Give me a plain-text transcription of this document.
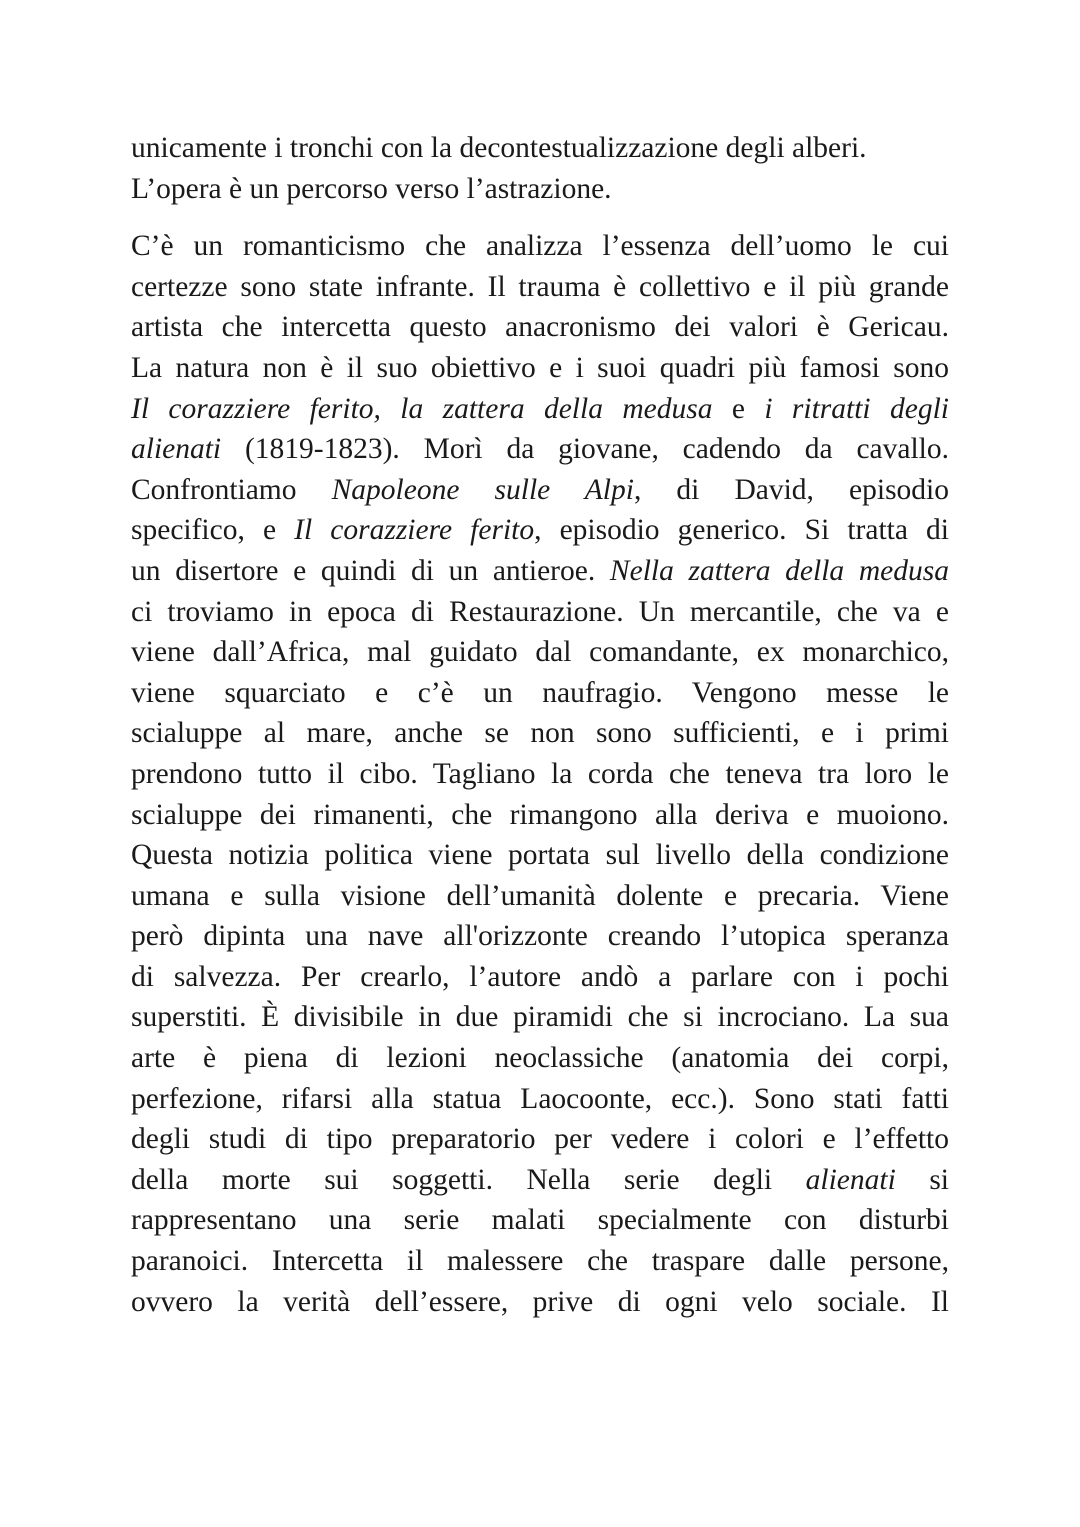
unicamente i tronchi con la decontestualizzazione degli alberi.
L’opera è un percorso verso l’astrazione.

C’è un romanticismo che analizza l’essenza dell’uomo le cui
certezze sono state infrante. Il trauma è collettivo e il più grande
artista che intercetta questo anacronismo dei valori è Gericau.
La natura non è il suo obiettivo e i suoi quadri più famosi sono
Il corazziere ferito, la zattera della medusa e i ritratti degli
alienati (1819-1823). Morì da giovane, cadendo da cavallo.
Confrontiamo Napoleone sulle Alpi, di David, episodio
specifico, e Il corazziere ferito, episodio generico. Si tratta di
un disertore e quindi di un antieroe. Nella zattera della medusa
ci troviamo in epoca di Restaurazione. Un mercantile, che va e
viene dall’Africa, mal guidato dal comandante, ex monarchico,
viene squarciato e c’è un naufragio. Vengono messe le
scialuppe al mare, anche se non sono sufficienti, e i primi
prendono tutto il cibo. Tagliano la corda che teneva tra loro le
scialuppe dei rimanenti, che rimangono alla deriva e muoiono.
Questa notizia politica viene portata sul livello della condizione
umana e sulla visione dell’umanità dolente e precaria. Viene
però dipinta una nave all'orizzonte creando l’utopica speranza
di salvezza. Per crearlo, l’autore andò a parlare con i pochi
superstiti. È divisibile in due piramidi che si incrociano. La sua
arte è piena di lezioni neoclassiche (anatomia dei corpi,
perfezione, rifarsi alla statua Laocoonte, ecc.). Sono stati fatti
degli studi di tipo preparatorio per vedere i colori e l’effetto
della morte sui soggetti. Nella serie degli alienati si
rappresentano una serie malati specialmente con disturbi
paranoici. Intercetta il malessere che traspare dalle persone,
ovvero la verità dell’essere, prive di ogni velo sociale. Il
